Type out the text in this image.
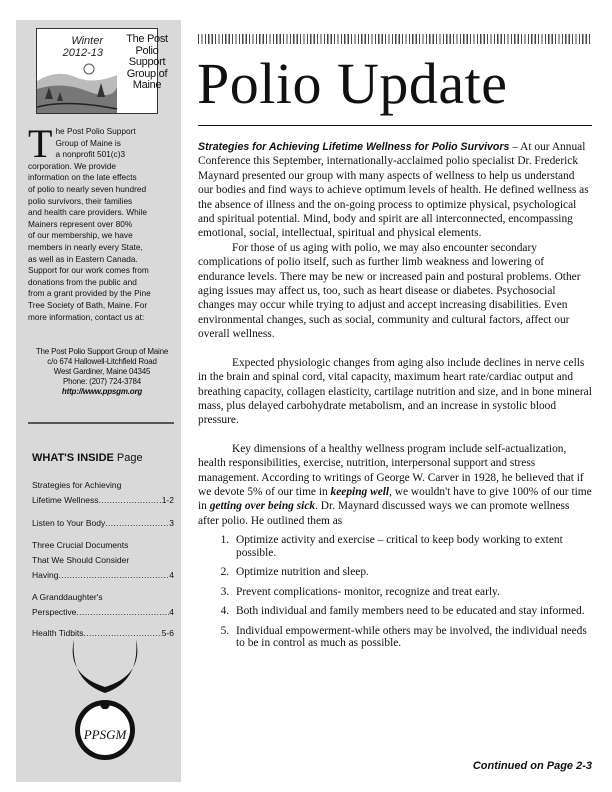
Winter
2012-13
The Post
Polio
Support
Group of
Maine
T he Post Polio Support
Group of Maine is
a nonprofit 501(c)3
corporation. We provide
information on the late effects
of polio to nearly seven hundred
polio survivors, their families
and health care providers. While
Mainers represent over 80%
of our membership, we have
members in nearly every State,
as well as in Eastern Canada.
Support for our work comes from
donations from the public and
from a grant provided by the Pine
Tree Society of Bath, Maine. For
more information, contact us at:
The Post Polio Support Group of Maine
c/o 674 Hallowell-Litchfield Road
West Gardiner, Maine 04345
Phone: (207) 724-3784
http://www.ppsgm.org
WHAT'S INSIDE Page
Strategies for Achieving
Lifetime Wellness .....	1-2
Listen to Your Body .....	3
Three Crucial Documents
That We Should Consider
Having .....	4
A Granddaughter's
Perspective .....	4
Health Tidbits .....	5-6
PPSGM
Polio Update

Strategies for Achieving Lifetime Wellness for Polio Survivors – At our Annual Conference this September, internationally-acclaimed polio specialist Dr. Frederick Maynard presented our group with many aspects of wellness to help us understand our bodies and find ways to achieve optimum levels of health. He defined wellness as the absence of illness and the on-going process to optimize physical, psychological and spiritual potential. Mind, body and spirit are all interconnected, encompassing emotional, social, intellectual, spiritual and physical elements.

For those of us aging with polio, we may also encounter secondary complications of polio itself, such as further limb weakness and lowering of endurance levels. There may be new or increased pain and postural problems. Other aging issues may affect us, too, such as heart disease or diabetes. Psychosocial changes may occur while trying to adjust and accept increasing disabilities. Even environmental changes, such as social, community and cultural factors, affect our overall wellness.

Expected physiologic changes from aging also include declines in nerve cells in the brain and spinal cord, vital capacity, maximum heart rate/cardiac output and breathing capacity, collagen elasticity, cartilage nutrition and size, and in bone mineral mass, plus delayed carbohydrate metabolism, and an increase in systolic blood pressure.

Key dimensions of a healthy wellness program include self-actualization, health responsibilities, exercise, nutrition, interpersonal support and stress management. According to writings of George W. Carver in 1928, he believed that if we devote 5% of our time in keeping well, we wouldn't have to give 100% of our time in getting over being sick. Dr. Maynard discussed ways we can promote wellness after polio. He outlined them as

1. Optimize activity and exercise – critical to keep body working to extent possible.
2. Optimize nutrition and sleep.
3. Prevent complications- monitor, recognize and treat early.
4. Both individual and family members need to be educated and stay informed.
5. Individual empowerment-while others may be involved, the individual needs to be in control as much as possible.
Continued on Page 2-3
